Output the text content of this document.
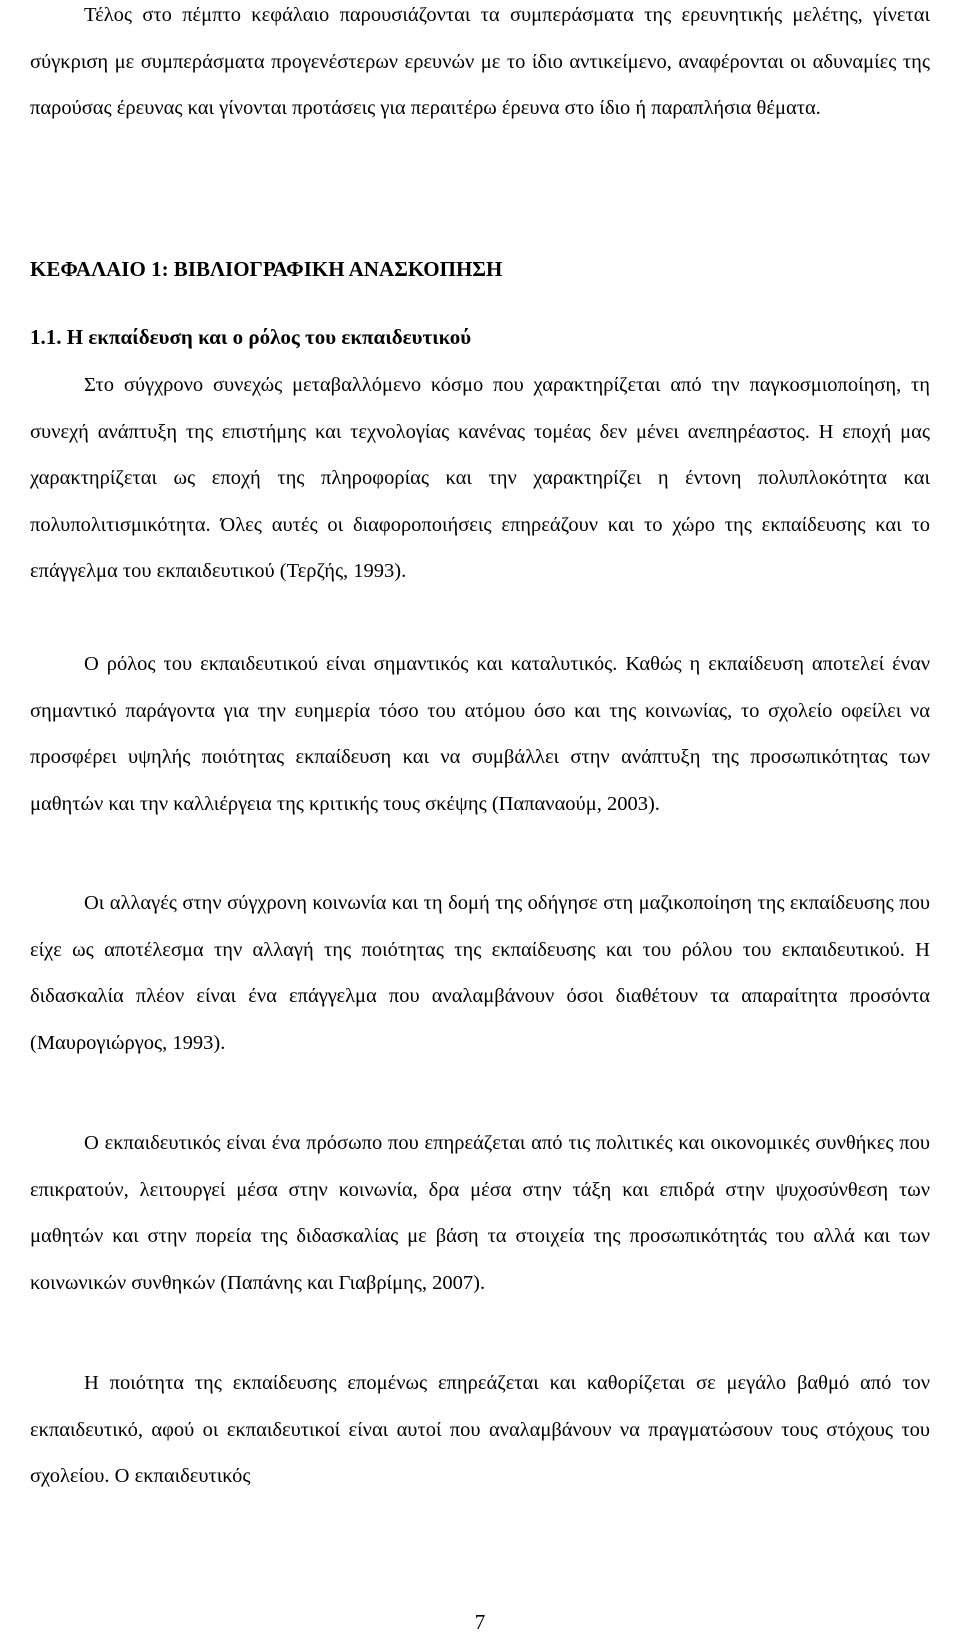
Τέλος στο πέμπτο κεφάλαιο παρουσιάζονται τα συμπεράσματα της ερευνητικής μελέτης, γίνεται σύγκριση με συμπεράσματα προγενέστερων ερευνών με το ίδιο αντικείμενο, αναφέρονται οι αδυναμίες της παρούσας έρευνας και γίνονται προτάσεις για περαιτέρω έρευνα στο ίδιο ή παραπλήσια θέματα.

ΚΕΦΑΛΑΙΟ 1: ΒΙΒΛΙΟΓΡΑΦΙΚΗ ΑΝΑΣΚΟΠΗΣΗ
1.1. Η εκπαίδευση και ο ρόλος του εκπαιδευτικού

Στο σύγχρονο συνεχώς μεταβαλλόμενο κόσμο που χαρακτηρίζεται από την παγκοσμιοποίηση, τη συνεχή ανάπτυξη της επιστήμης και τεχνολογίας κανένας τομέας δεν μένει ανεπηρέαστος. Η εποχή μας χαρακτηρίζεται ως εποχή της πληροφορίας και την χαρακτηρίζει η έντονη πολυπλοκότητα και πολυπολιτισμικότητα. Όλες αυτές οι διαφοροποιήσεις επηρεάζουν και το χώρο της εκπαίδευσης και το επάγγελμα του εκπαιδευτικού (Τερζής, 1993).

Ο ρόλος του εκπαιδευτικού είναι σημαντικός και καταλυτικός. Καθώς η εκπαίδευση αποτελεί έναν σημαντικό παράγοντα για την ευημερία τόσο του ατόμου όσο και της κοινωνίας, το σχολείο οφείλει να προσφέρει υψηλής ποιότητας εκπαίδευση και να συμβάλλει στην ανάπτυξη της προσωπικότητας των μαθητών και την καλλιέργεια της κριτικής τους σκέψης (Παπαναούμ, 2003).

Οι αλλαγές στην σύγχρονη κοινωνία και τη δομή της οδήγησε στη μαζικοποίηση της εκπαίδευσης που είχε ως αποτέλεσμα την αλλαγή της ποιότητας της εκπαίδευσης και του ρόλου του εκπαιδευτικού. Η διδασκαλία πλέον είναι ένα επάγγελμα που αναλαμβάνουν όσοι διαθέτουν τα απαραίτητα προσόντα (Μαυρογιώργος, 1993).

Ο εκπαιδευτικός είναι ένα πρόσωπο που επηρεάζεται από τις πολιτικές και οικονομικές συνθήκες που επικρατούν, λειτουργεί μέσα στην κοινωνία, δρα μέσα στην τάξη και επιδρά στην ψυχοσύνθεση των μαθητών και στην πορεία της διδασκαλίας με βάση τα στοιχεία της προσωπικότητάς του αλλά και των κοινωνικών συνθηκών (Παπάνης και Γιαβρίμης, 2007).

Η ποιότητα της εκπαίδευσης επομένως επηρεάζεται και καθορίζεται σε μεγάλο βαθμό από τον εκπαιδευτικό, αφού οι εκπαιδευτικοί είναι αυτοί που αναλαμβάνουν να πραγματώσουν τους στόχους του σχολείου. Ο εκπαιδευτικός

7
